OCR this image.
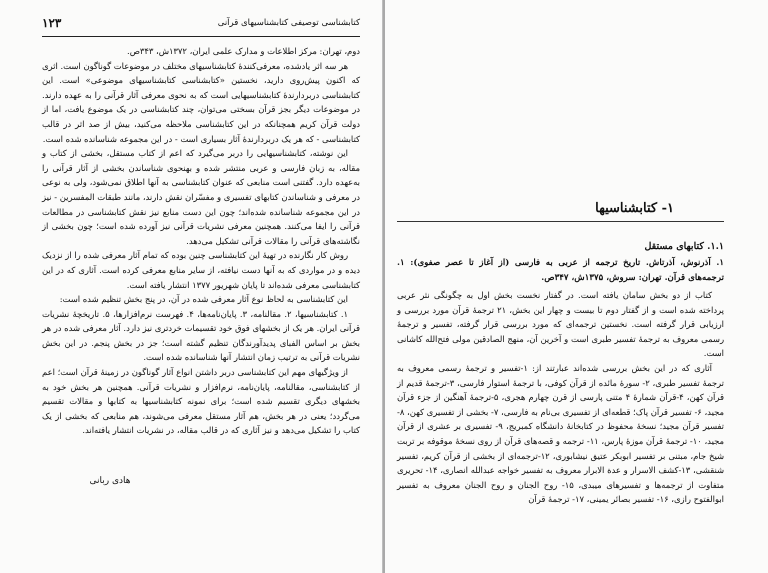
۱۲۳	کتابشناسی توصیفی کتابشناسیهای قرآنی

دوم، تهران: مرکز اطلاعات و مدارک علمی ایران، ۱۳۷۲ش، ۳۴۳ص.

هر سه اثر یادشده، معرفی‌کنندهٔ کتابشناسیهای مختلف در موضوعات گوناگون است. اثری که اکنون پیش‌روی دارید، نخستین «کتابشناسی کتابشناسیهای موضوعی» است. این کتابشناسی دربردارندهٔ کتابشناسیهایی است که به نحوی معرفی آثار قرآنی را به عهده دارند. در موضوعات دیگر بجز قرآن بسختی می‌توان، چند کتابشناسی در یک موضوع یافت، اما از دولت قرآن کریم همچنانکه در این کتابشناسی ملاحظه می‌کنید، بیش از صد اثر در قالب کتابشناسی - که هر یک دربردارندهٔ آثار بسیاری است - در این مجموعه شناسانده شده است.

این نوشته، کتابشناسیهایی را دربر می‌گیرد که اعم از کتاب مستقل، بخشی از کتاب و مقاله، به زبان فارسی و عربی منتشر شده و بهنحوی شناساندن بخشی از آثار قرآنی را به‌عهده دارد. گفتنی است منابعی که عنوان کتابشناسی به آنها اطلاق نمی‌شود، ولی به نوعی در معرفی و شناساندن کتابهای تفسیری و مفسّران نقش دارند، مانند طبقات المفسرین - نیز در این مجموعه شناسانده شده‌اند؛ چون این دست منابع نیز نقش کتابشناسی در مطالعات قرآنی را ایفا می‌کنند. همچنین معرفی نشریات قرآنی نیز آورده شده است؛ چون بخشی از نگاشته‌های قرآنی را مقالات قرآنی تشکیل می‌دهد.

روش کار نگارنده در تهیهٔ این کتابشناسی چنین بوده که تمام آثار معرفی شده را از نزدیک دیده و در مواردی که به آنها دست نیافته، از سایر منابع معرفی کرده است. آثاری که در این کتابشناسی معرفی شده‌اند تا پایان شهریور ۱۳۷۷ انتشار یافته است.

این کتابشناسی به لحاظ نوع آثار معرفی شده در آن، در پنج بخش تنظیم شده است:

۱. کتابشناسیها، ۲. مقالنامه، ۳. پایان‌نامه‌ها، ۴. فهرست نرم‌افزارها، ۵. تاریخچهٔ نشریات قرآنی ایران. هر یک از بخشهای فوق خود تقسیمات خردتری نیز دارد. آثار معرفی شده در هر بخش بر اساس الفبای پدیدآورندگان تنظیم گشته است؛ جز در بخش پنجم. در این بخش نشریات قرآنی به ترتیب زمان انتشار آنها شناسانده شده است.

از ویژگیهای مهم این کتابشناسی دربر داشتن انواع آثار گوناگون در زمینهٔ قرآن است؛ اعم از کتابشناسی، مقالنامه، پایان‌نامه، نرم‌افزار و نشریات قرآنی. همچنین هر بخش خود به بخشهای دیگری تقسیم شده است؛ برای نمونه کتابشناسیها به کتابها و مقالات تقسیم می‌گردد؛ یعنی در هر بخش، هم آثار مستقل معرفی می‌شوند، هم منابعی که بخشی از یک کتاب را تشکیل می‌دهد و نیز آثاری که در قالب مقاله، در نشریات انتشار یافته‌اند.

هادی ربانی
۱- کتابشناسیها
۱.۱. کتابهای مستقل
۱. آذرنوش، آذرتاش. تاریخ ترجمه از عربی به فارسی (از آغاز تا عصر صفوی): ۱. ترجمه‌های قرآن. تهران: سروش، ۱۳۷۵ش، ۳۴۷ص.

کتاب از دو بخش سامان یافته است. در گفتار نخست بخش اول به چگونگی نثر عربی پرداخته شده است و از گفتار دوم تا بیست و چهار این بخش، ۲۱ ترجمهٔ قرآن مورد بررسی و ارزیابی قرار گرفته است. نخستین ترجمه‌ای که مورد بررسی قرار گرفته، تفسیر و ترجمهٔ رسمی معروف به ترجمهٔ تفسیر طبری است و آخرین آن، منهج الصادقین مولی فتح‌الله کاشانی است.

آثاری که در این بخش بررسی شده‌اند عبارتند از: ۱-تفسیر و ترجمهٔ رسمی معروف به ترجمهٔ تفسیر طبری، ۲- سورهٔ مائده از قرآن کوفی، با ترجمهٔ استوار فارسی، ۳-ترجمهٔ قدیم از قرآن کهن، ۴-قرآن شمارهٔ ۴ متنی پارسی از قرن چهارم هجری، ۵-ترجمهٔ آهنگین از جزء قرآن مجید، ۶- تفسیر قرآن پاک؛ قطعه‌ای از تفسیری بی‌نام به فارسی، ۷- بخشی از تفسیری کهن، ۸- تفسیر قرآن مجید؛ نسخهٔ محفوظ در کتابخانهٔ دانشگاه کمبریج، ۹- تفسیری بر عشری از قرآن مجید، ۱۰- ترجمهٔ قرآن موزهٔ پارس، ۱۱- ترجمه و قصه‌های قرآن از روی نسخهٔ موقوفه بر تربت شیخ جام، مبتنی بر تفسیر ابوبکر عتیق نیشابوری، ۱۲-ترجمه‌ای از بخشی از قرآن کریم، تفسیر شنقشی، ۱۳-کشف الاسرار و عدة الابرار معروف به تفسیر خواجه عبدالله انصاری، ۱۴- تحریری متفاوت از ترجمه‌ها و تفسیرهای میبدی، ۱۵- روح الجنان و روح الجنان معروف به تفسیر ابوالفتوح رازی، ۱۶- تفسیر بصائر یمینی، ۱۷- ترجمهٔ قرآن
